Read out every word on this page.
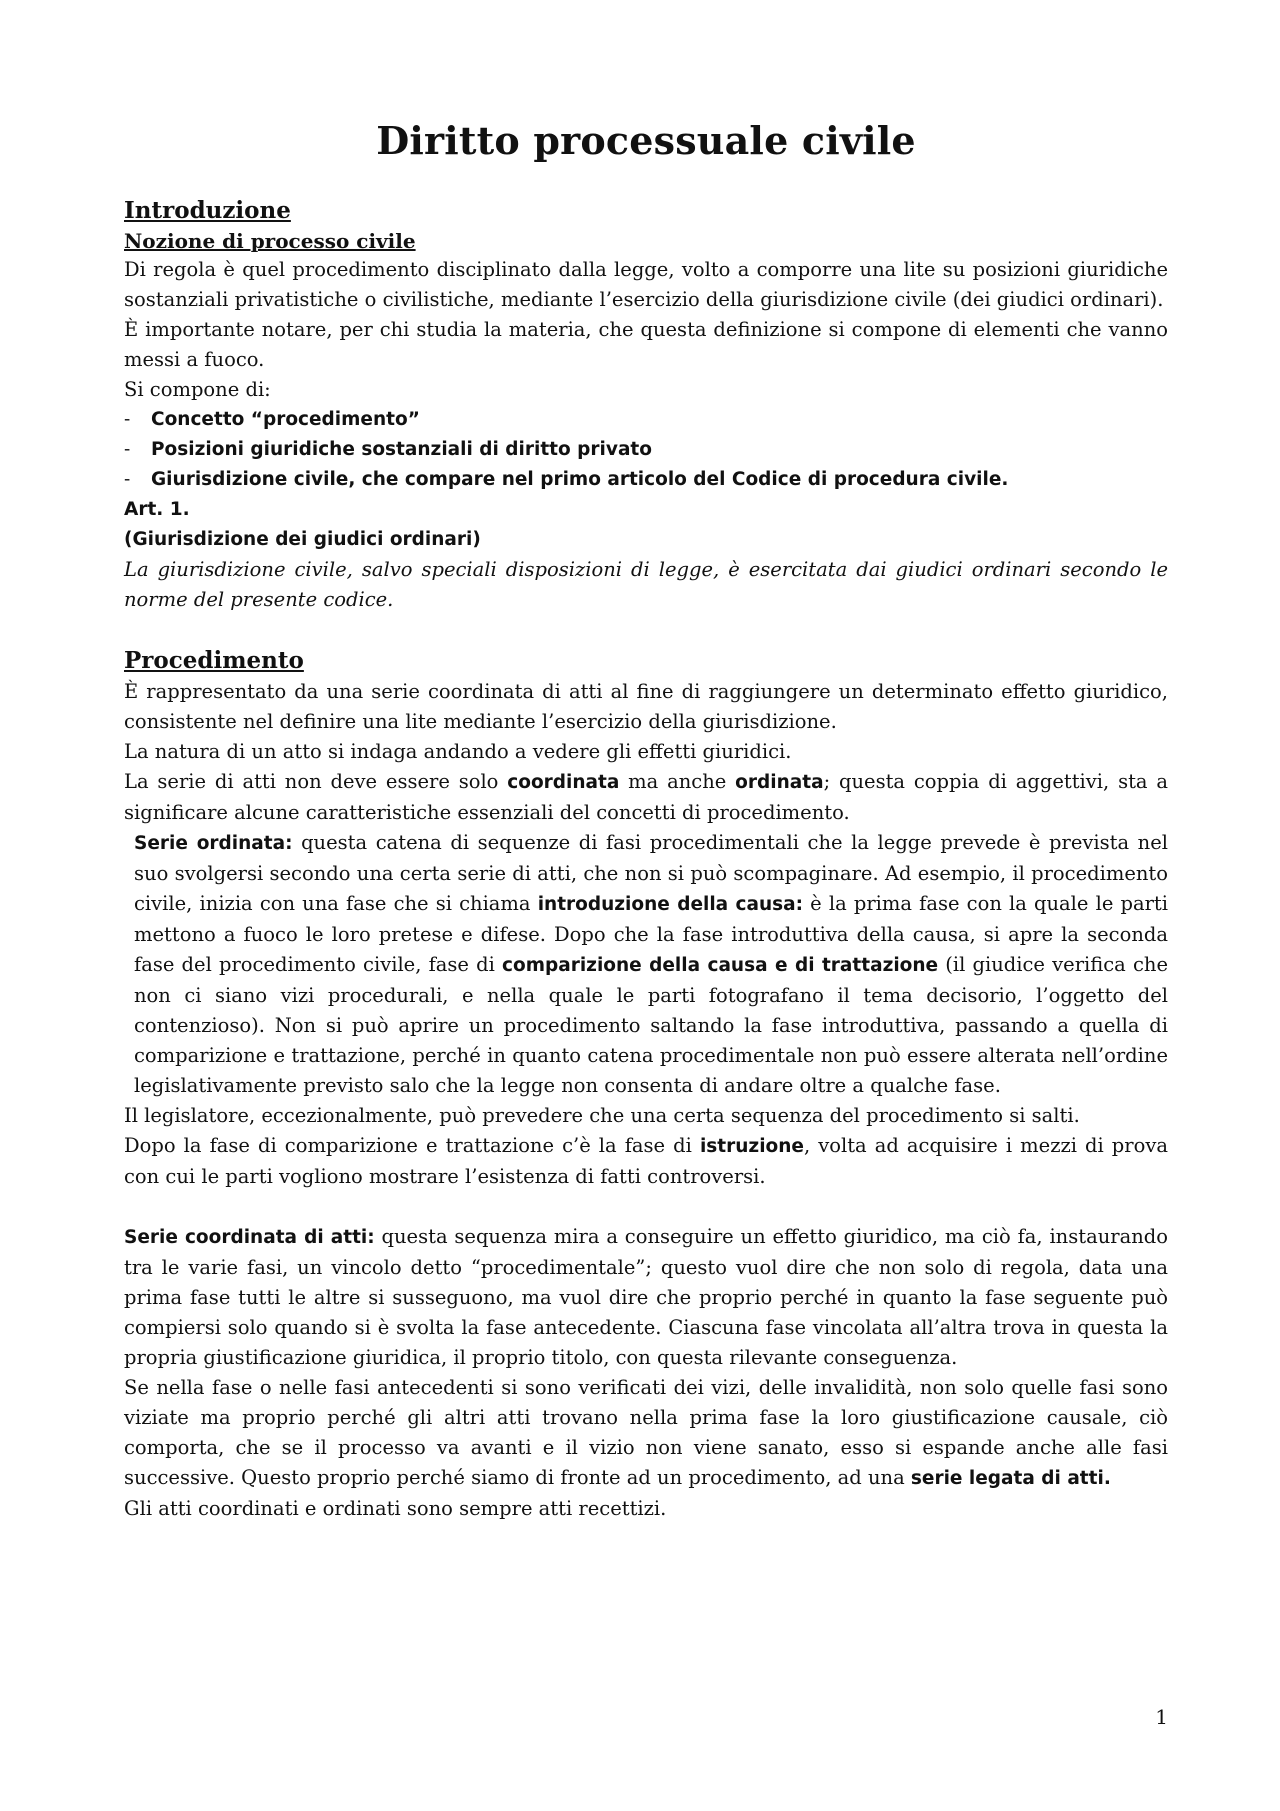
Diritto processuale civile
Introduzione
Nozione di processo civile

Di regola è quel procedimento disciplinato dalla legge, volto a comporre una lite su posizioni giuridiche sostanziali privatistiche o civilistiche, mediante l’esercizio della giurisdizione civile (dei giudici ordinari).

È importante notare, per chi studia la materia, che questa definizione si compone di elementi che vanno messi a fuoco.

Si compone di:

- Concetto “procedimento”
- Posizioni giuridiche sostanziali di diritto privato
- Giurisdizione civile, che compare nel primo articolo del Codice di procedura civile.
Art. 1.
(Giurisdizione dei giudici ordinari)

La giurisdizione civile, salvo speciali disposizioni di legge, è esercitata dai giudici ordinari secondo le norme del presente codice.

Procedimento

È rappresentato da una serie coordinata di atti al fine di raggiungere un determinato effetto giuridico, consistente nel definire una lite mediante l’esercizio della giurisdizione.

La natura di un atto si indaga andando a vedere gli effetti giuridici.

La serie di atti non deve essere solo coordinata ma anche ordinata; questa coppia di aggettivi, sta a significare alcune caratteristiche essenziali del concetti di procedimento.

Serie ordinata: questa catena di sequenze di fasi procedimentali che la legge prevede è prevista nel suo svolgersi secondo una certa serie di atti, che non si può scompaginare. Ad esempio, il procedimento civile, inizia con una fase che si chiama introduzione della causa: è la prima fase con la quale le parti mettono a fuoco le loro pretese e difese. Dopo che la fase introduttiva della causa, si apre la seconda fase del procedimento civile, fase di comparizione della causa e di trattazione (il giudice verifica che non ci siano vizi procedurali, e nella quale le parti fotografano il tema decisorio, l’oggetto del contenzioso). Non si può aprire un procedimento saltando la fase introduttiva, passando a quella di comparizione e trattazione, perché in quanto catena procedimentale non può essere alterata nell’ordine legislativamente previsto salo che la legge non consenta di andare oltre a qualche fase.

Il legislatore, eccezionalmente, può prevedere che una certa sequenza del procedimento si salti.

Dopo la fase di comparizione e trattazione c’è la fase di istruzione, volta ad acquisire i mezzi di prova con cui le parti vogliono mostrare l’esistenza di fatti controversi.

Serie coordinata di atti: questa sequenza mira a conseguire un effetto giuridico, ma ciò fa, instaurando tra le varie fasi, un vincolo detto “procedimentale”; questo vuol dire che non solo di regola, data una prima fase tutti le altre si susseguono, ma vuol dire che proprio perché in quanto la fase seguente può compiersi solo quando si è svolta la fase antecedente. Ciascuna fase vincolata all’altra trova in questa la propria giustificazione giuridica, il proprio titolo, con questa rilevante conseguenza.

Se nella fase o nelle fasi antecedenti si sono verificati dei vizi, delle invalidità, non solo quelle fasi sono viziate ma proprio perché gli altri atti trovano nella prima fase la loro giustificazione causale, ciò comporta, che se il processo va avanti e il vizio non viene sanato, esso si espande anche alle fasi successive. Questo proprio perché siamo di fronte ad un procedimento, ad una serie legata di atti.

Gli atti coordinati e ordinati sono sempre atti recettizi.

1
